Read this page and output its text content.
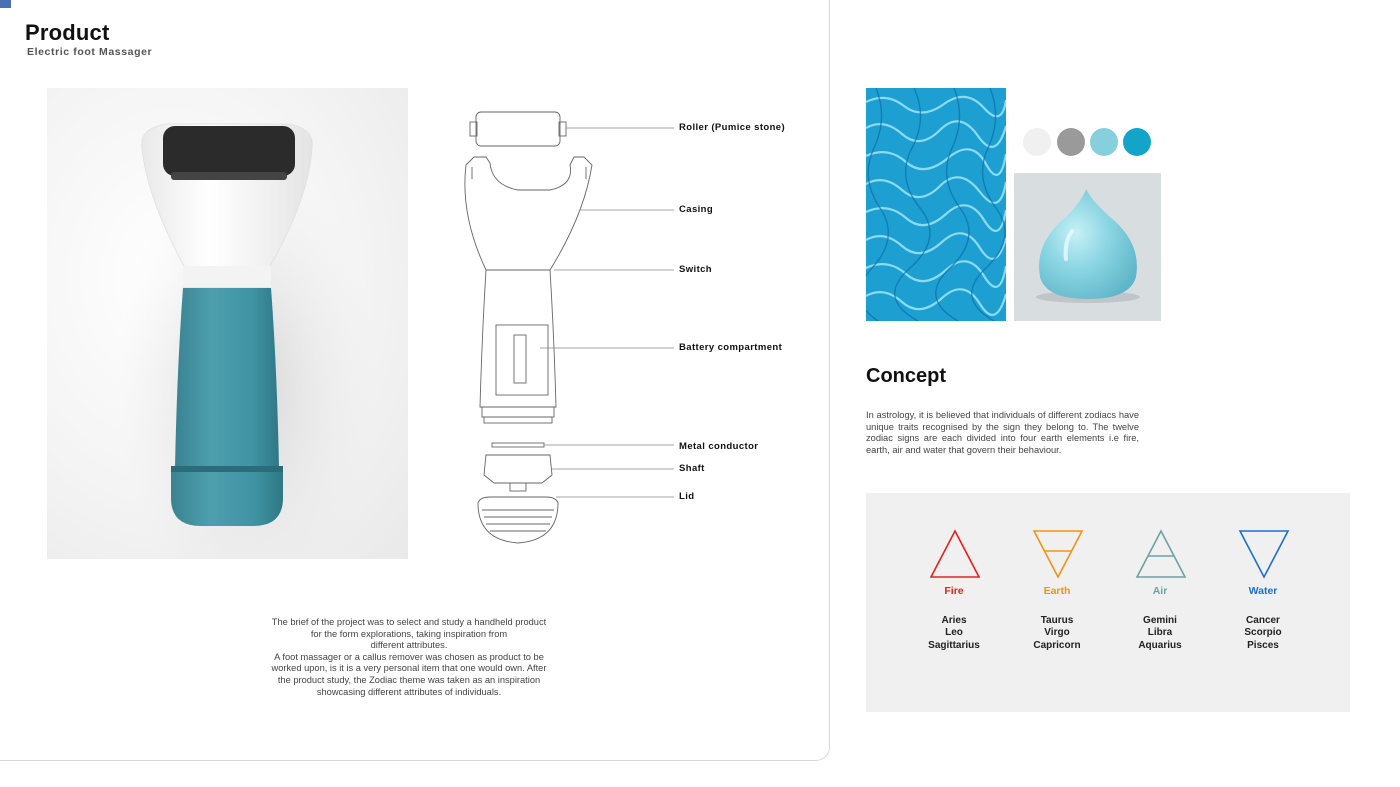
Product
Electric foot Massager
Roller (Pumice stone)
Casing
Switch
Battery compartment
Metal conductor
Shaft
Lid

The brief of the project was to select and study a handheld product

for the form explorations, taking inspiration from

different attributes.

A foot massager or a callus remover was chosen as product to be

worked upon, is it is a very personal item that one would own. After

the product study, the Zodiac theme was taken as an inspiration

showcasing different attributes of individuals.

Concept
In astrology, it is believed that individuals of different zodiacs have unique traits recognised by the sign they belong to. The twelve zodiac signs are each divided into four earth elements i.e fire, earth, air and water that govern their behaviour.
Fire
Aries
Leo
Sagittarius
Earth
Taurus
Virgo
Capricorn
Air
Gemini
Libra
Aquarius
Water
Cancer
Scorpio
Pisces
